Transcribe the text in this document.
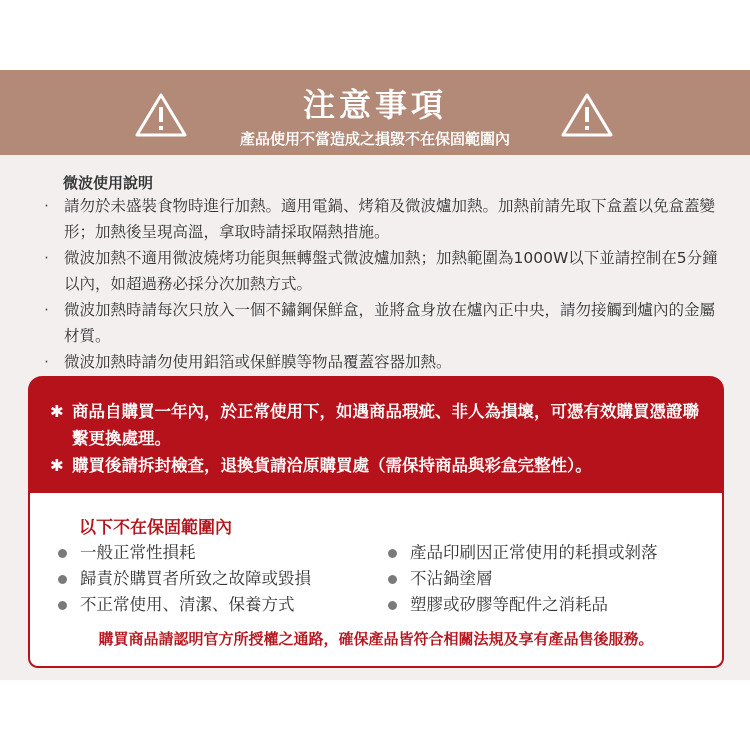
注意事項
產品使用不當造成之損毀不在保固範圍內
微波使用說明
· 請勿於未盛裝食物時進行加熱。適用電鍋、烤箱及微波爐加熱。加熱前請先取下盒蓋以免盒蓋變形；加熱後呈現高溫，拿取時請採取隔熱措施。
· 微波加熱不適用微波燒烤功能與無轉盤式微波爐加熱；加熱範圍為1000W以下並請控制在5分鐘以內，如超過務必採分次加熱方式。
· 微波加熱時請每次只放入一個不鏽鋼保鮮盒，並將盒身放在爐內正中央，請勿接觸到爐內的金屬材質。
· 微波加熱時請勿使用鋁箔或保鮮膜等物品覆蓋容器加熱。
✱ 商品自購買一年內，於正常使用下，如遇商品瑕疵、非人為損壞，可憑有效購買憑證聯繫更換處理。
✱ 購買後請拆封檢查，退換貨請洽原購買處（需保持商品與彩盒完整性）。
以下不在保固範圍內
一般正常性損耗
歸責於購買者所致之故障或毀損
不正常使用、清潔、保養方式
產品印刷因正常使用的耗損或剝落
不沾鍋塗層
塑膠或矽膠等配件之消耗品
購買商品請認明官方所授權之通路，確保產品皆符合相關法規及享有產品售後服務。
